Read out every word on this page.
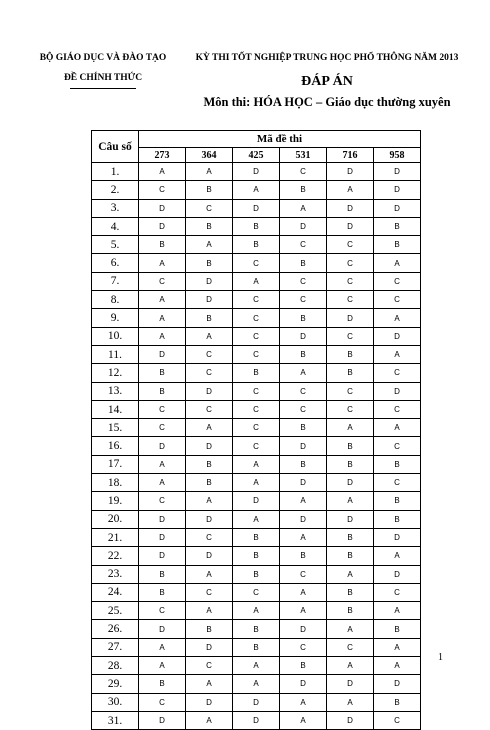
BỘ GIÁO DỤC VÀ ĐÀO TẠO
ĐỀ CHÍNH THỨC
KỲ THI TỐT NGHIỆP TRUNG HỌC PHỔ THÔNG NĂM 2013
ĐÁP ÁN
Môn thi: HÓA HỌC – Giáo dục thường xuyên
Câu số	Mã đề thi					
	273	364	425	531	716	958
1.	A	A	D	C	D	D
2.	C	B	A	B	A	D
3.	D	C	D	A	D	D
4.	D	B	B	D	D	B
5.	B	A	B	C	C	B
6.	A	B	C	B	C	A
7.	C	D	A	C	C	C
8.	A	D	C	C	C	C
9.	A	B	C	B	D	A
10.	A	A	C	D	C	D
11.	D	C	C	B	B	A
12.	B	C	B	A	B	C
13.	B	D	C	C	C	D
14.	C	C	C	C	C	C
15.	C	A	C	B	A	A
16.	D	D	C	D	B	C
17.	A	B	A	B	B	B
18.	A	B	A	D	D	C
19.	C	A	D	A	A	B
20.	D	D	A	D	D	B
21.	D	C	B	A	B	D
22.	D	D	B	B	B	A
23.	B	A	B	C	A	D
24.	B	C	C	A	B	C
25.	C	A	A	A	B	A
26.	D	B	B	D	A	B
27.	A	D	B	C	C	A
28.	A	C	A	B	A	A
29.	B	A	A	D	D	D
30.	C	D	D	A	A	B
31.	D	A	D	A	D	C
1
